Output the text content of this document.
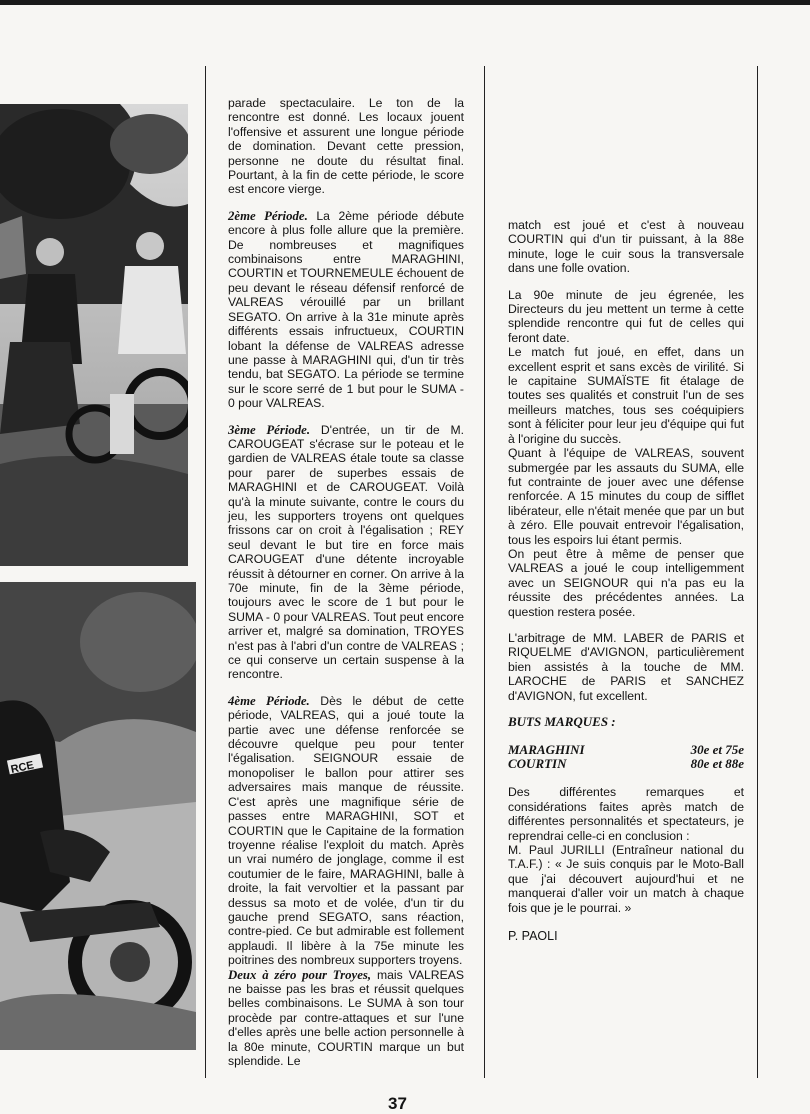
RCE

parade spectaculaire. Le ton de la rencontre est donné. Les locaux jouent l'offensive et assurent une longue période de domination. Devant cette pression, personne ne doute du résultat final. Pourtant, à la fin de cette période, le score est encore vierge.

2ème Période. La 2ème période débute encore à plus folle allure que la première. De nombreuses et magnifiques combinaisons entre MARAGHINI, COURTIN et TOURNEMEULE échouent de peu devant le réseau défensif renforcé de VALREAS vérouillé par un brillant SEGATO. On arrive à la 31e minute après différents essais infructueux, COURTIN lobant la défense de VALREAS adresse une passe à MARAGHINI qui, d'un tir très tendu, bat SEGATO. La période se termine sur le score serré de 1 but pour le SUMA - 0 pour VALREAS.

3ème Période. D'entrée, un tir de M. CAROUGEAT s'écrase sur le poteau et le gardien de VALREAS étale toute sa classe pour parer de superbes essais de MARAGHINI et de CAROUGEAT. Voilà qu'à la minute suivante, contre le cours du jeu, les supporters troyens ont quelques frissons car on croit à l'égalisation ; REY seul devant le but tire en force mais CAROUGEAT d'une détente incroyable réussit à détourner en corner. On arrive à la 70e minute, fin de la 3ème période, toujours avec le score de 1 but pour le SUMA - 0 pour VALREAS. Tout peut encore arriver et, malgré sa domination, TROYES n'est pas à l'abri d'un contre de VALREAS ; ce qui conserve un certain suspense à la rencontre.

4ème Période. Dès le début de cette période, VALREAS, qui a joué toute la partie avec une défense renforcée se découvre quelque peu pour tenter l'égalisation. SEIGNOUR essaie de monopoliser le ballon pour attirer ses adversaires mais manque de réussite. C'est après une magnifique série de passes entre MARAGHINI, SOT et COURTIN que le Capitaine de la formation troyenne réalise l'exploit du match. Après un vrai numéro de jonglage, comme il est coutumier de le faire, MARAGHINI, balle à droite, la fait vervoltier et la passant par dessus sa moto et de volée, d'un tir du gauche prend SEGATO, sans réaction, contre-pied. Ce but admirable est follement applaudi. Il libère à la 75e minute les poitrines des nombreux supporters troyens.

Deux à zéro pour Troyes, mais VALREAS ne baisse pas les bras et réussit quelques belles combinaisons. Le SUMA à son tour procède par contre-attaques et sur l'une d'elles après une belle action personnelle à la 80e minute, COURTIN marque un but splendide. Le

match est joué et c'est à nouveau COURTIN qui d'un tir puissant, à la 88e minute, loge le cuir sous la transversale dans une folle ovation.

La 90e minute de jeu égrenée, les Directeurs du jeu mettent un terme à cette splendide rencontre qui fut de celles qui feront date.

Le match fut joué, en effet, dans un excellent esprit et sans excès de virilité. Si le capitaine SUMAÏSTE fit étalage de toutes ses qualités et construit l'un de ses meilleurs matches, tous ses coéquipiers sont à féliciter pour leur jeu d'équipe qui fut à l'origine du succès.

Quant à l'équipe de VALREAS, souvent submergée par les assauts du SUMA, elle fut contrainte de jouer avec une défense renforcée. A 15 minutes du coup de sifflet libérateur, elle n'était menée que par un but à zéro. Elle pouvait entrevoir l'égalisation, tous les espoirs lui étant permis.

On peut être à même de penser que VALREAS a joué le coup intelligemment avec un SEIGNOUR qui n'a pas eu la réussite des précédentes années. La question restera posée.

L'arbitrage de MM. LABER de PARIS et RIQUELME d'AVIGNON, particulièrement bien assistés à la touche de MM. LAROCHE de PARIS et SANCHEZ d'AVIGNON, fut excellent.

BUTS MARQUES :
MARAGHINI	30e et 75e
COURTIN	80e et 88e

Des différentes remarques et considérations faites après match de différentes personnalités et spectateurs, je reprendrai celle-ci en conclusion :

M. Paul JURILLI (Entraîneur national du T.A.F.) : « Je suis conquis par le Moto-Ball que j'ai découvert aujourd'hui et ne manquerai d'aller voir un match à chaque fois que je le pourrai. »

P. PAOLI
37
